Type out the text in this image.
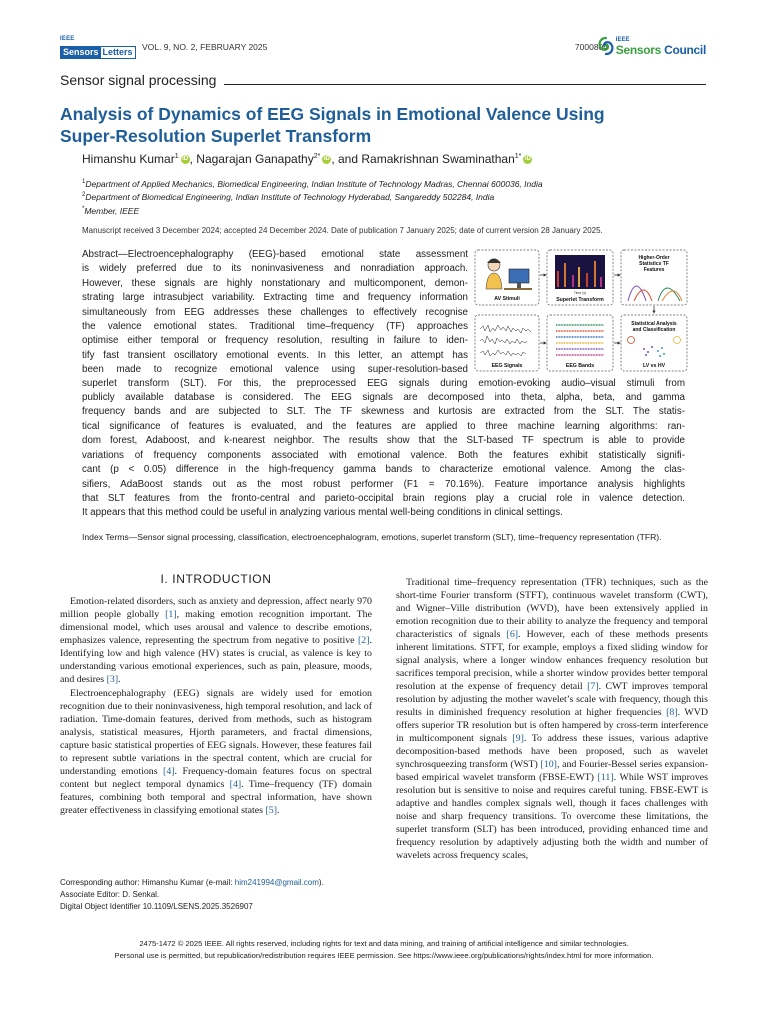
IEEE
Sensors Letters VOL. 9, NO. 2, FEBRUARY 2025	7000804
IEEE
Sensors Council
Sensor signal processing
Analysis of Dynamics of EEG Signals in Emotional Valence Using
Super-Resolution Superlet Transform
Himanshu Kumar$^1$ iD , Nagarajan Ganapathy$^{2*}$ iD , and Ramakrishnan Swaminathan$^{1*}$ iD
$^1$Department of Applied Mechanics, Biomedical Engineering, Indian Institute of Technology Madras, Chennai 600036, India
$^2$Department of Biomedical Engineering, Indian Institute of Technology Hyderabad, Sangareddy 502284, India
*Member, IEEE
Manuscript received 3 December 2024; accepted 24 December 2024. Date of publication 7 January 2025; date of current version 28 January 2025.
Abstract—Electroencephalography (EEG)-based emotional state assessment
is widely preferred due to its noninvasiveness and nonradiation approach.
However, these signals are highly nonstationary and multicomponent, demon-
strating large intrasubject variability. Extracting time and frequency information
simultaneously from EEG addresses these challenges to effectively recognise
the valence emotional states. Traditional time–frequency (TF) approaches
optimise either temporal or frequency resolution, resulting in failure to iden-
tify fast transient oscillatory emotional events. In this letter, an attempt has
been made to recognize emotional valence using super-resolution-based
superlet transform (SLT). For this, the preprocessed EEG signals during emotion-evoking audio–visual stimuli from
publicly available database is considered. The EEG signals are decomposed into theta, alpha, beta, and gamma
frequency bands and are subjected to SLT. The TF skewness and kurtosis are extracted from the SLT. The statis-
tical significance of features is evaluated, and the features are applied to three machine learning algorithms: ran-
dom forest, Adaboost, and k-nearest neighbor. The results show that the SLT-based TF spectrum is able to provide
variations of frequency components associated with emotional valence. Both the features exhibit statistically signifi-
cant (p < 0.05) difference in the high-frequency gamma bands to characterize emotional valence. Among the clas-
sifiers, AdaBoost stands out as the most robust performer (F1 = 70.16%). Feature importance analysis highlights
that SLT features from the fronto-central and parieto-occipital brain regions play a crucial role in valence detection.
It appears that this method could be useful in analyzing various mental well-being conditions in clinical settings.
AV Stimuli
Time (s)
Superlet Transform
Higher-Order
Statistics TF
Features
EEG Signals	EEG Bands
Statistical Analysis
and Classification
LV vs HV
Index Terms—Sensor signal processing, classification, electroencephalogram, emotions, superlet transform (SLT), time–frequency representation (TFR).
I. INTRODUCTION

Emotion-related disorders, such as anxiety and depression, affect nearly 970 million people globally [1], making emotion recognition important. The dimensional model, which uses arousal and valence to describe emotions, emphasizes valence, representing the spectrum from negative to positive [2]. Identifying low and high valence (HV) states is crucial, as valence is key to understanding various emotional experiences, such as pain, pleasure, moods, and desires [3].

Electroencephalography (EEG) signals are widely used for emotion recognition due to their noninvasiveness, high temporal resolution, and lack of radiation. Time-domain features, derived from methods, such as histogram analysis, statistical measures, Hjorth parameters, and fractal dimensions, capture basic statistical properties of EEG signals. However, these features fail to represent subtle variations in the spectral content, which are crucial for understanding emotions [4]. Frequency-domain features focus on spectral content but neglect temporal dynamics [4]. Time–frequency (TF) domain features, combining both temporal and spectral information, have shown greater effectiveness in classifying emotional states [5].

Traditional time–frequency representation (TFR) techniques, such as the short-time Fourier transform (STFT), continuous wavelet transform (CWT), and Wigner–Ville distribution (WVD), have been extensively applied in emotion recognition due to their ability to analyze the frequency and temporal characteristics of signals [6]. However, each of these methods presents inherent limitations. STFT, for example, employs a fixed sliding window for signal analysis, where a longer window enhances frequency resolution but sacrifices temporal precision, while a shorter window provides better temporal resolution at the expense of frequency detail [7]. CWT improves temporal resolution by adjusting the mother wavelet’s scale with frequency, though this results in diminished frequency resolution at higher frequencies [8]. WVD offers superior TR resolution but is often hampered by cross-term interference in multicomponent signals [9]. To address these issues, various adaptive decomposition-based methods have been proposed, such as wavelet synchrosqueezing transform (WST) [10], and Fourier-Bessel series expansion-based empirical wavelet transform (FBSE-EWT) [11]. While WST improves resolution but is sensitive to noise and requires careful tuning. FBSE-EWT is adaptive and handles complex signals well, though it faces challenges with noise and sharp frequency transitions. To overcome these limitations, the superlet transform (SLT) has been introduced, providing enhanced time and frequency resolution by adaptively adjusting both the width and number of wavelets across frequency scales,

Corresponding author: Himanshu Kumar (e-mail: him241994@gmail.com).
Associate Editor: D. Senkal.
Digital Object Identifier 10.1109/LSENS.2025.3526907
2475-1472 © 2025 IEEE. All rights reserved, including rights for text and data mining, and training of artificial intelligence and similar technologies.
Personal use is permitted, but republication/redistribution requires IEEE permission. See https://www.ieee.org/publications/rights/index.html for more information.
